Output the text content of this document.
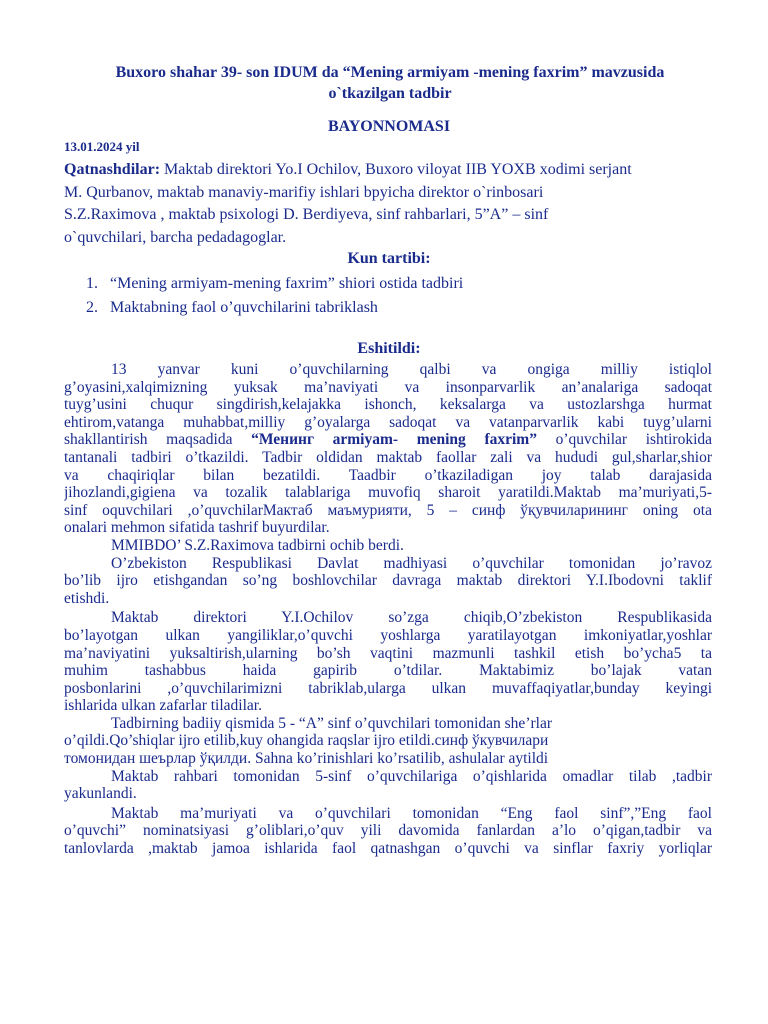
Buxoro shahar 39- son IDUM da “Mening armiyam -mening faxrim” mavzusida
o`tkazilgan tadbir
BAYONNOMASI
13.01.2024 yil
Qatnashdilar: Maktab direktori Yo.I Ochilov, Buxoro viloyat IIB YOXB xodimi serjant
M. Qurbanov, maktab manaviy-marifiy ishlari bpyicha direktor o`rinbosari
S.Z.Raximova , maktab psixologi D. Berdiyeva, sinf rahbarlari, 5”A” – sinf
o`quvchilari, barcha pedadagoglar.
Kun tartibi:
1. “Mening armiyam-mening faxrim” shiori ostida tadbiri
2. Maktabning faol o’quvchilarini tabriklash
Eshitildi:
13 yanvar kuni o’quvchilarning qalbi va ongiga milliy istiqlol
g’oyasini,xalqimizning yuksak ma’naviyati va insonparvarlik an’analariga sadoqat
tuyg’usini chuqur singdirish,kelajakka ishonch, keksalarga va ustozlarshga hurmat
ehtirom,vatanga muhabbat,milliy g’oyalarga sadoqat va vatanparvarlik kabi tuyg’ularni
shakllantirish maqsadida “Менинг armiyam- mening faxrim” o’quvchilar ishtirokida
tantanali tadbiri o’tkazildi. Tadbir oldidan maktab faollar zali va hududi gul,sharlar,shior
va chaqiriqlar bilan bezatildi. Taadbir o’tkaziladigan joy talab darajasida
jihozlandi,gigiena va tozalik talablariga muvofiq sharoit yaratildi.Maktab ma’muriyati,5-
sinf oquvchilari ,o’quvchilarМактаб маъмурияти, 5 – синф ўқувчиларининг oning ota
onalari mehmon sifatida tashrif buyurdilar.
MMIBDO’ S.Z.Raximova tadbirni ochib berdi.
O’zbekiston Respublikasi Davlat madhiyasi o’quvchilar tomonidan jo’ravoz
bo’lib ijro etishgandan so’ng boshlovchilar davraga maktab direktori Y.I.Ibodovni taklif
etishdi.
Maktab direktori Y.I.Ochilov so’zga chiqib,O’zbekiston Respublikasida
bo’layotgan ulkan yangiliklar,o’quvchi yoshlarga yaratilayotgan imkoniyatlar,yoshlar
ma’naviyatini yuksaltirish,ularning bo’sh vaqtini mazmunli tashkil etish bo’ycha5 ta
muhim tashabbus haida gapirib o’tdilar. Maktabimiz bo’lajak vatan
posbonlarini ,o’quvchilarimizni tabriklab,ularga ulkan muvaffaqiyatlar,bunday keyingi
ishlarida ulkan zafarlar tiladilar.
Tadbirning badiiy qismida 5 - “A” sinf o’quvchilari tomonidan she’rlar
o’qildi.Qo’shiqlar ijro etilib,kuy ohangida raqslar ijro etildi.синф ўкувчилари
томонидан шеърлар ўқилди. Sahna ko’rinishlari ko’rsatilib, ashulalar aytildi
Maktab rahbari tomonidan 5-sinf o’quvchilariga o’qishlarida omadlar tilab ,tadbir
yakunlandi.
Maktab ma’muriyati va o’quvchilari tomonidan “Eng faol sinf”,”Eng faol
o’quvchi” nominatsiyasi g’oliblari,o’quv yili davomida fanlardan a’lo o’qigan,tadbir va
tanlovlarda ,maktab jamoa ishlarida faol qatnashgan o’quvchi va sinflar faxriy yorliqlar
